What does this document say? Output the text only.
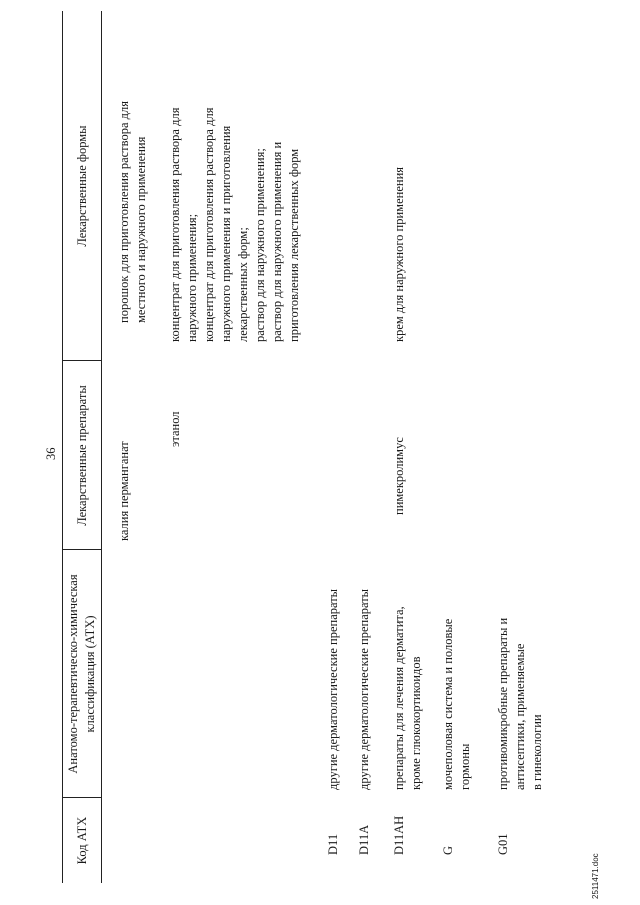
36
Код АТХ
Анатомо-терапевтическо-химическая
классификация (АТХ)
Лекарственные препараты
Лекарственные формы
калия перманганат
порошок для приготовления раствора для
местного и наружного применения
этанол
концентрат для приготовления раствора для
наружного применения;
концентрат для приготовления раствора для
наружного применения и приготовления
лекарственных форм;
раствор для наружного применения;
раствор для наружного применения и
приготовления лекарственных форм
D11
другие дерматологические препараты
D11A
другие дерматологические препараты
D11AH
препараты для лечения дерматита,
кроме глюкокортикоидов
пимекролимус
крем для наружного применения
G
мочеполовая система и половые
гормоны
G01
противомикробные препараты и
антисептики, применяемые
в гинекологии
2511471.doc
